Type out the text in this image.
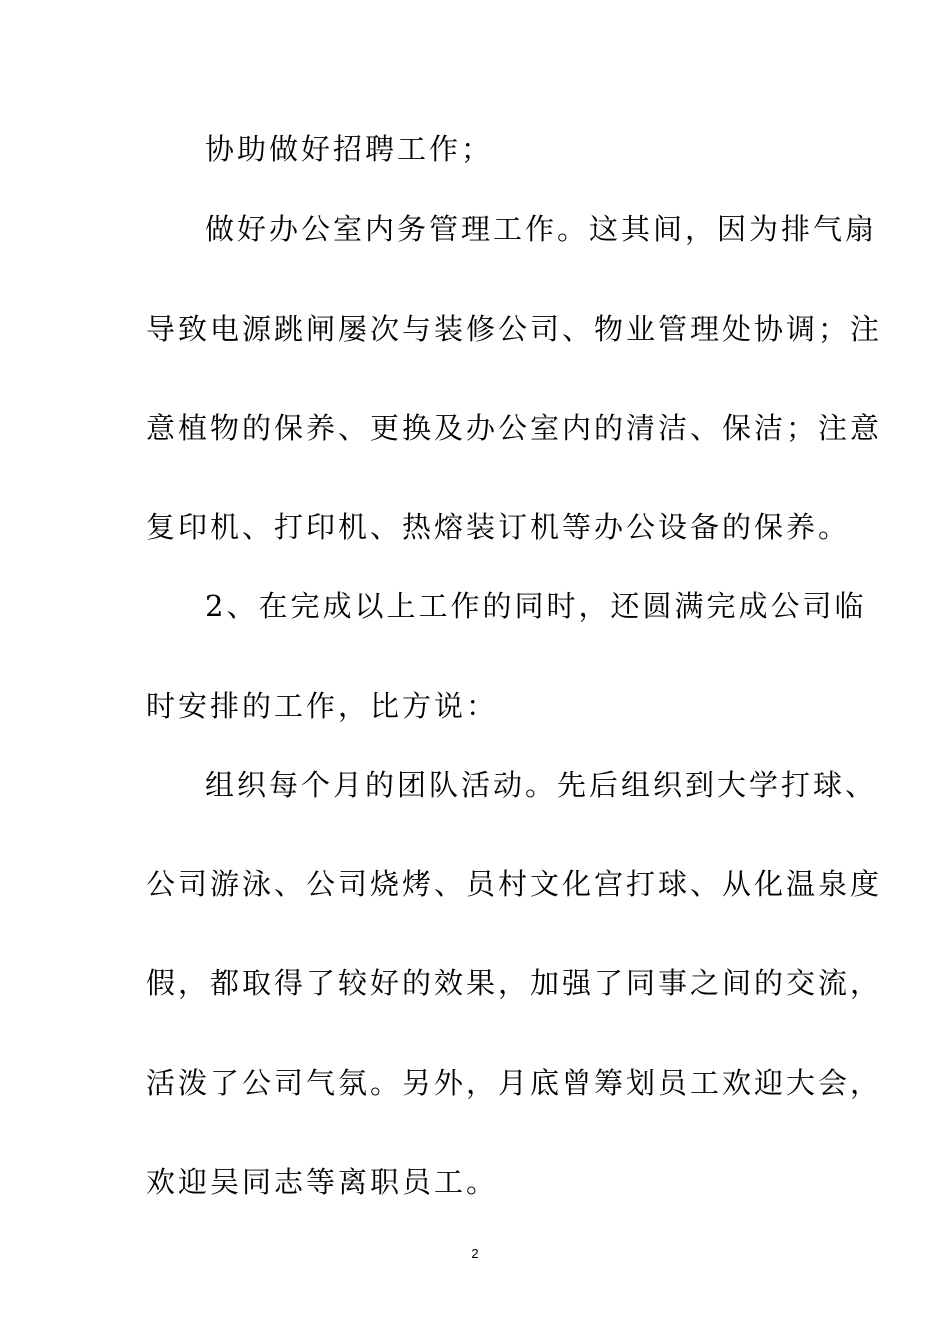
协助做好招聘工作；
做好办公室内务管理工作。这其间，因为排气扇
导致电源跳闸屡次与装修公司、物业管理处协调；注
意植物的保养、更换及办公室内的清洁、保洁；注意
复印机、打印机、热熔装订机等办公设备的保养。
2、在完成以上工作的同时，还圆满完成公司临
时安排的工作，比方说：
组织每个月的团队活动。先后组织到大学打球、
公司游泳、公司烧烤、员村文化宫打球、从化温泉度
假，都取得了较好的效果，加强了同事之间的交流，
活泼了公司气氛。另外，月底曾筹划员工欢迎大会，
欢迎吴同志等离职员工。
2
